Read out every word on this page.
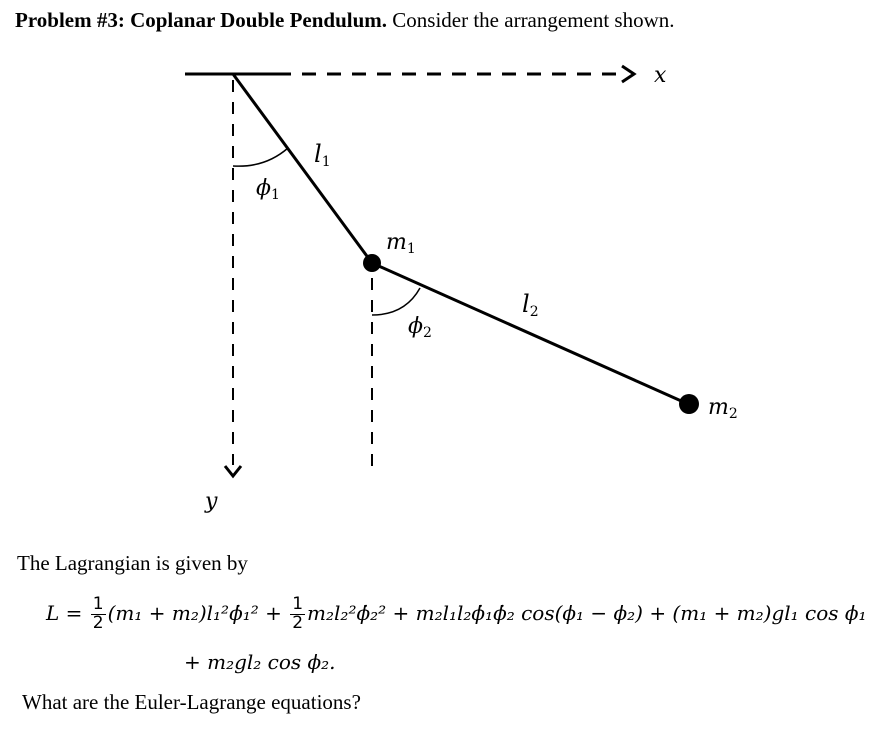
Problem #3: Coplanar Double Pendulum. Consider the arrangement shown.
x
y
l1
ϕ1
l2
ϕ2
m1
m2
The Lagrangian is given by
$L = \frac{1}{2} (m_1$ + m₂)l₁²ϕ̇₁² + $\frac{1}{2}$ m₂l₂²ϕ̇₂² + m₂l₁l₂ϕ̇₁ϕ̇₂ cos(ϕ₁ − ϕ₂) + (m₁ + m₂)gl₁ cos ϕ₁
+ m₂gl₂ cos ϕ₂.
What are the Euler-Lagrange equations?
